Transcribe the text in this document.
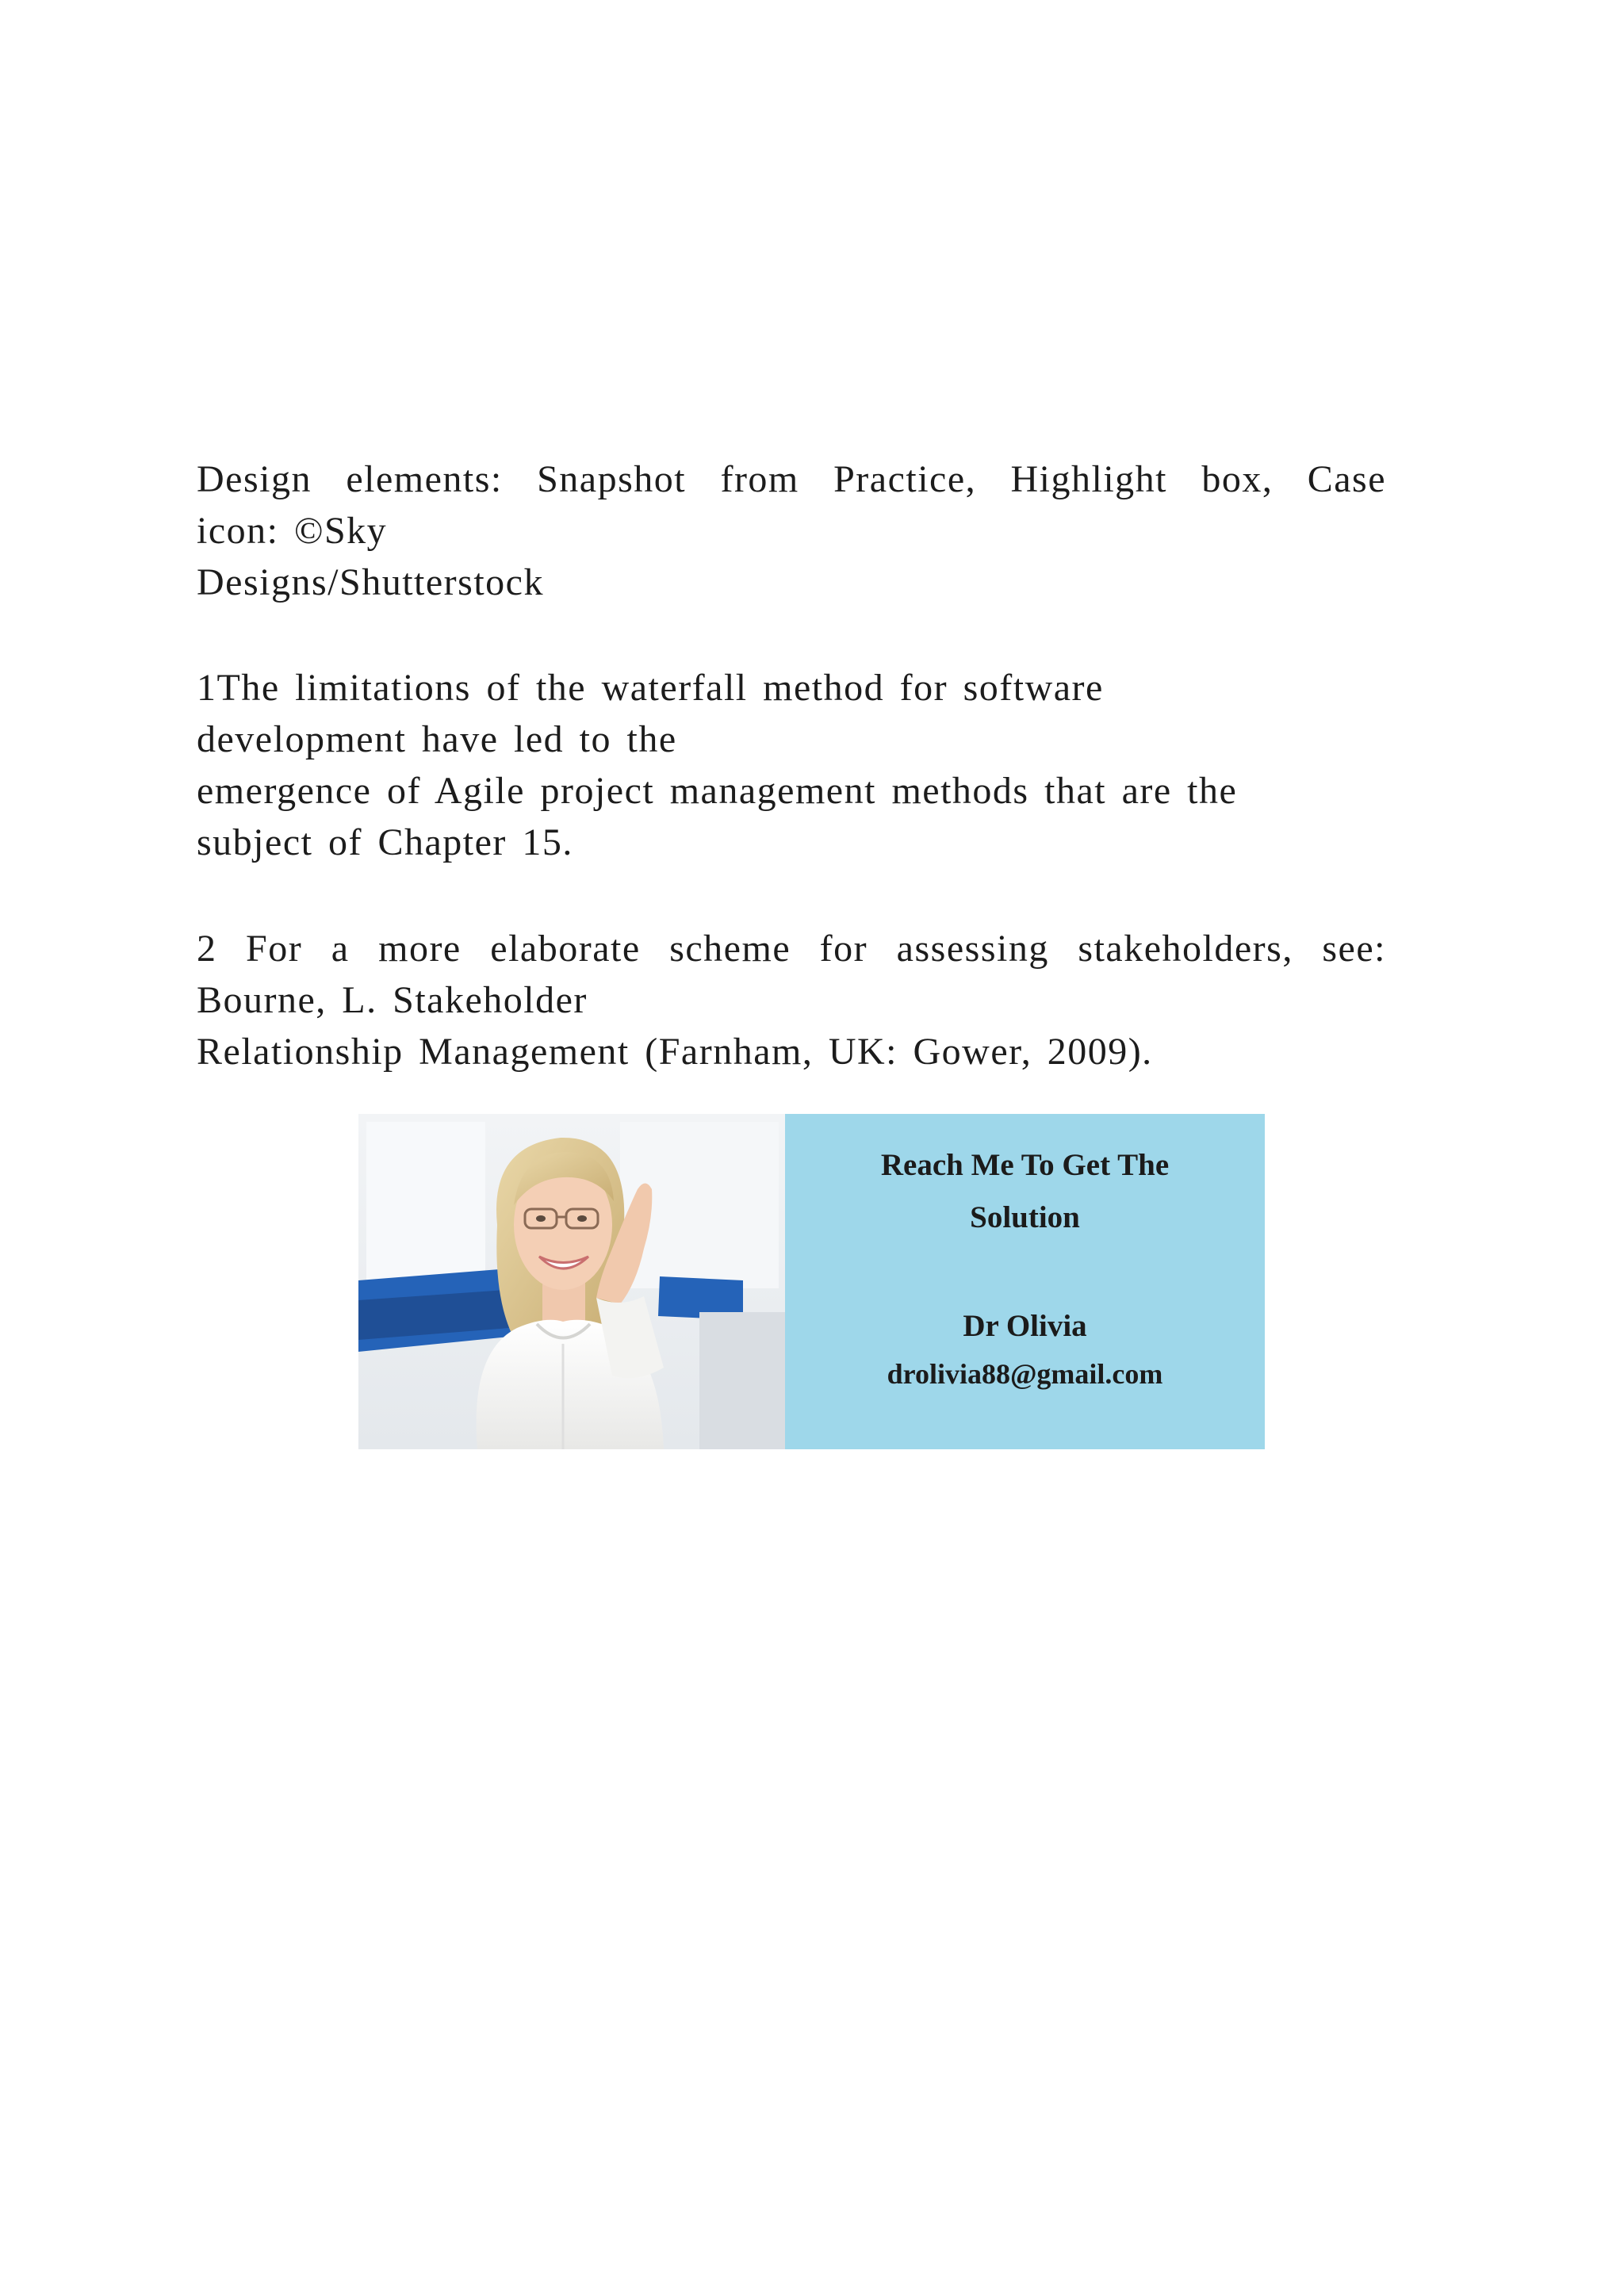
Design elements: Snapshot from Practice, Highlight box, Case
icon: ©Sky
Designs/Shutterstock
1The limitations of the waterfall method for software
development have led to the
emergence of Agile project management methods that are the
subject of Chapter 15.
2 For a more elaborate scheme for assessing stakeholders, see:
Bourne, L. Stakeholder
Relationship Management (Farnham, UK: Gower, 2009).
Reach Me To Get The
Solution
Dr Olivia
drolivia88@gmail.com
